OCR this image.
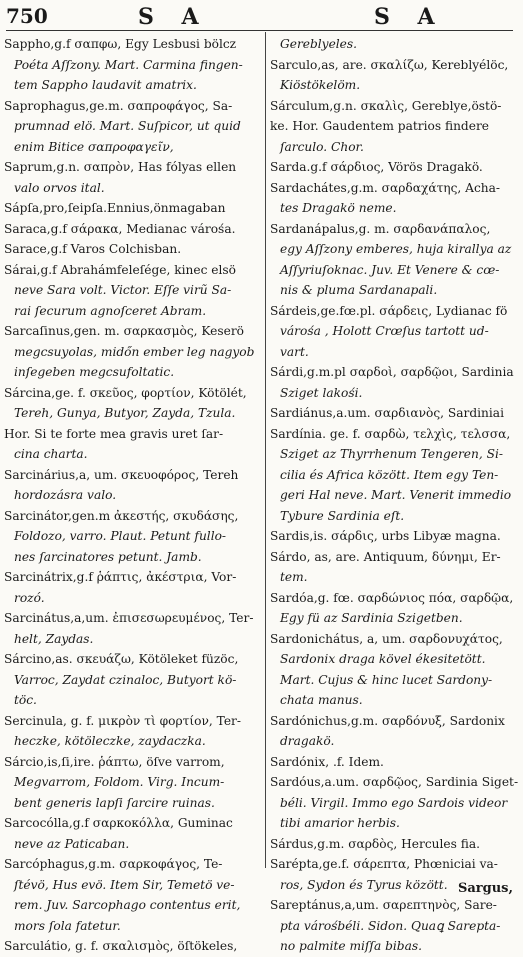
750	S A	S A
Sappho,g.f σαπφω, Egy Lesbusi bölcz
Poéta Aſſzony. Mart. Carmina fingen-
tem Sappho laudavit amatrix.
Saprophagus,ge.m. σαπροφάγος, Sa-
prumnad elö. Mart. Suſpicor, ut quid
enim Bitice σαπροφαγεῖν,
Saprum,g.n. σαπρὸν, Has fólyas ellen
valo orvos ital.
Sápſa,pro,ſeipſa.Ennius,önmagaban
Saraca,g.f σάρακα, Medianac várośa.
Sarace,g.f Varos Colchisban.
Sárai,g.f Abrahámfeleſége, kinec elsö
neve Sara volt. Victor. Eſſe virũ Sa-
rai ſecurum agnoſceret Abram.
Sarcaſinus,gen. m. σαρκασμὸς, Keserö
megcsuyolas, midőn ember leg nagyob
inſegeben megcsufoltatic.
Sárcina,ge. f. σκεῦος, φορτίον, Kötölét,
Tereh, Gunya, Butyor, Zayda, Tzula.
Hor. Si te forte mea gravis uret ſar-
cina charta.
Sarcinárius,a, um. σκευοφόρος, Tereh
hordozásra valo.
Sarcinátor,gen.m ἀκεστής, σκυδάσης,
Foldozo, varro. Plaut. Petunt fullo-
nes ſarcinatores petunt. Jamb.
Sarcinátrix,g.f ῥάπτις, ἀκέστρια, Vor-
rozó.
Sarcinátus,a,um. ἐπισεσωρευμένος, Ter-
helt, Zaydas.
Sárcino,as. σκευάζω, Kötöleket füzöc,
Varroc, Zaydat czinaloc, Butyort kö-
töc.
Sercinula, g. f. μικρὸν τὶ φορτίον, Ter-
heczke, kötöleczke, zaydaczka.
Sárcio,is,ſi,ire. ῥάπτω, öſve varrom,
Megvarrom, Foldom. Virg. Incum-
bent generis lapſi ſarcire ruinas.
Sarcocólla,g.f σαρκοκόλλα, Guminac
neve az Paticaban.
Sarcóphagus,g.m. σαρκοφάγος, Te-
ſtévö, Hus evö. Item Sir, Temetö ve-
rem. Juv. Sarcophago contentus erit,
mors ſola fatetur.
Sarculátio, g. f. σκαλισμὸς, öſtökeles,
Gereblyeles.
Sarculo,as, are. σκαλίζω, Kereblyélöc,
Kiöstökelöm.
Sárculum,g.n. σκαλὶς, Gereblye,östö-
ke. Hor. Gaudentem patrios findere
ſarculo. Chor.
Sarda.g.f σάρδιος, Vörös Dragakö.
Sardachátes,g.m. σαρδαχάτης, Acha-
tes Dragakö neme.
Sardanápalus,g. m. σαρδανάπαλος,
egy Aſſzony emberes, huja kirallya az
Aſſyriuſoknac. Juv. Et Venere & cœ-
nis & pluma Sardanapali.
Sárdeis,ge.fœ.pl. σάρδεις, Lydianac fö
várośa , Holott Crœſus tartott ud-
vart.
Sárdi,g.m.pl σαρδοὶ, σαρδῷοι, Sardinia
Sziget lakośi.
Sardiánus,a.um. σαρδιανὸς, Sardiniai
Sardínia. ge. f. σαρδὼ, τελχὶς, τελσσα,
Sziget az Thyrrhenum Tengeren, Si-
cilia és Africa között. Item egy Ten-
geri Hal neve. Mart. Venerit immedio
Tybure Sardinia eſt.
Sardis,is. σάρδις, urbs Libyæ magna.
Sárdo, as, are. Antiquum, δύνημι, Er-
tem.
Sardóa,g. fœ. σαρδώνιος πόα, σαρδῷα,
Egy fü az Sardinia Szigetben.
Sardonichátus, a, um. σαρδονυχάτος,
Sardonix draga kövel ékesitetött.
Mart. Cujus & hinc lucet Sardony-
chata manus.
Sardónichus,g.m. σαρδόνυξ, Sardonix
dragakö.
Sardónix, .f. Idem.
Sardóus,a.um. σαρδῷος, Sardinia Siget-
béli. Virgil. Immo ego Sardois videor
tibi amarior herbis.
Sárdus,g.m. σαρδὸς, Hercules fia.
Sarépta,ge.f. σάρεπτα, Phœniciai va-
ros, Sydon és Tyrus között.
Sareptánus,a,um. σαρεπτηνὸς, Sare-
pta várośbéli. Sidon. Quaꝗ Sarepta-
no palmite miſſa bibas.
Sargus,
